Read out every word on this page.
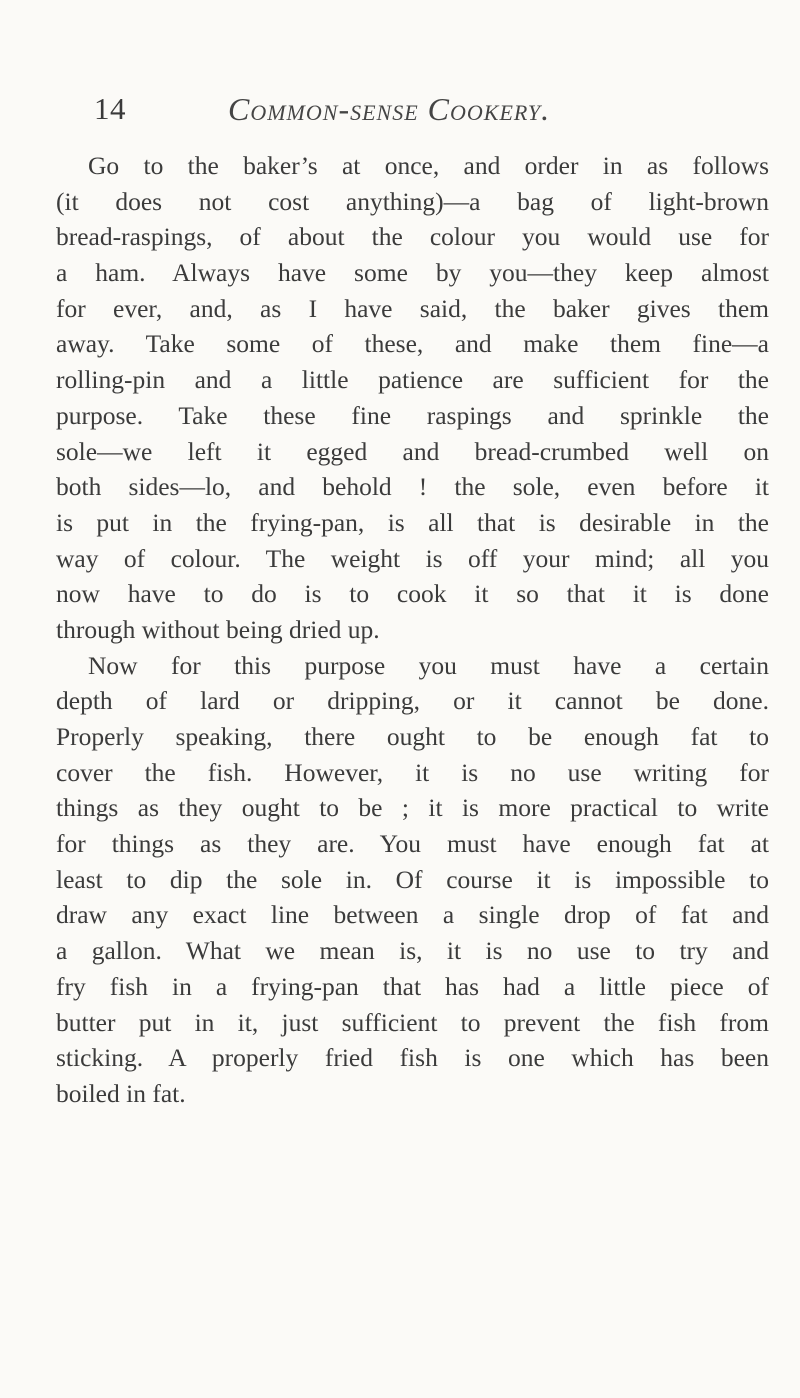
14	Common-sense Cookery.
Go to the baker’s at once, and order in as follows
(it does not cost anything)—a bag of light-brown
bread-raspings, of about the colour you would use for
a ham. Always have some by you—they keep almost
for ever, and, as I have said, the baker gives them
away. Take some of these, and make them fine—a
rolling-pin and a little patience are sufficient for the
purpose. Take these fine raspings and sprinkle the
sole—we left it egged and bread-crumbed well on
both sides—lo, and behold ! the sole, even before it
is put in the frying-pan, is all that is desirable in the
way of colour. The weight is off your mind; all you
now have to do is to cook it so that it is done
through without being dried up.
Now for this purpose you must have a certain
depth of lard or dripping, or it cannot be done.
Properly speaking, there ought to be enough fat to
cover the fish. However, it is no use writing for
things as they ought to be ; it is more practical to write
for things as they are. You must have enough fat at
least to dip the sole in. Of course it is impossible to
draw any exact line between a single drop of fat and
a gallon. What we mean is, it is no use to try and
fry fish in a frying-pan that has had a little piece of
butter put in it, just sufficient to prevent the fish from
sticking. A properly fried fish is one which has been
boiled in fat.
